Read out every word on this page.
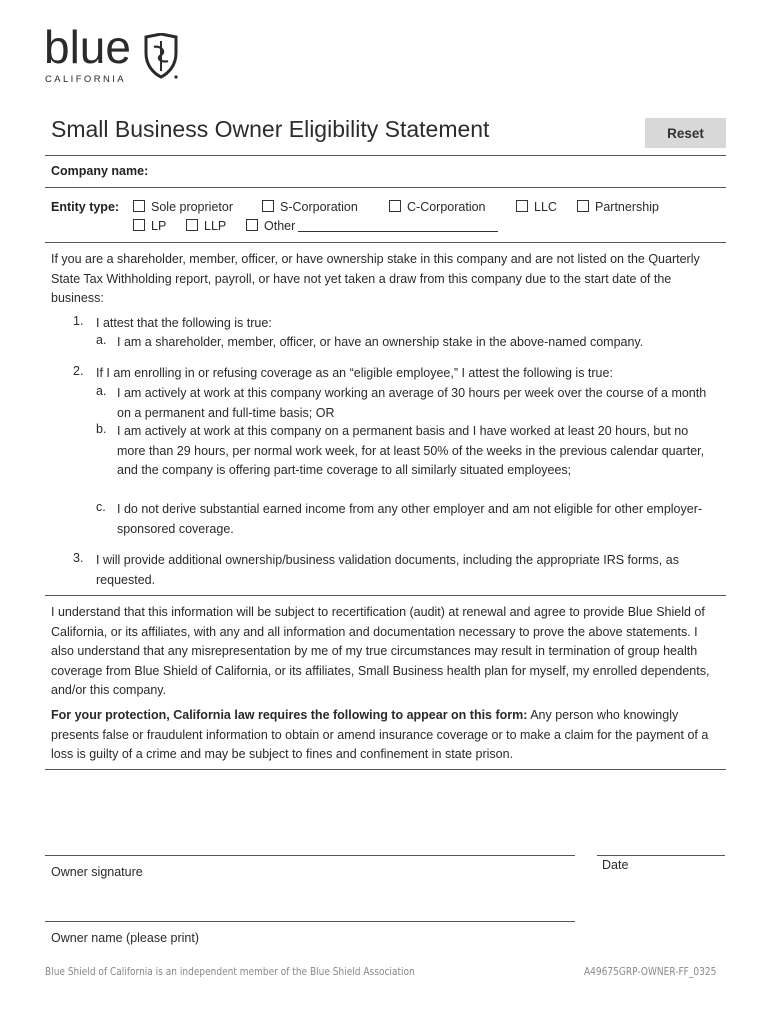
blue
CALIFORNIA
Small Business Owner Eligibility Statement	Reset
Company name:
Entity type:	Sole proprietor	S-Corporation	C-Corporation	LLC	Partnership
LP	LLP	Other
If you are a shareholder, member, officer, or have ownership stake in this company and are not listed on the Quarterly State Tax Withholding report, payroll, or have not yet taken a draw from this company due to the start date of the business:
1. I attest that the following is true:
a. I am a shareholder, member, officer, or have an ownership stake in the above-named company.
2. If I am enrolling in or refusing coverage as an “eligible employee,” I attest the following is true:
a. I am actively at work at this company working an average of 30 hours per week over the course of a month on a permanent and full-time basis; OR
b. I am actively at work at this company on a permanent basis and I have worked at least 20 hours, but no more than 29 hours, per normal work week, for at least 50% of the weeks in the previous calendar quarter, and the company is offering part-time coverage to all similarly situated employees;
c. I do not derive substantial earned income from any other employer and am not eligible for other employer-sponsored coverage.
3. I will provide additional ownership/business validation documents, including the appropriate IRS forms, as requested.
I understand that this information will be subject to recertification (audit) at renewal and agree to provide Blue Shield of California, or its affiliates, with any and all information and documentation necessary to prove the above statements. I also understand that any misrepresentation by me of my true circumstances may result in termination of group health coverage from Blue Shield of California, or its affiliates, Small Business health plan for myself, my enrolled dependents, and/or this company.
For your protection, California law requires the following to appear on this form: Any person who knowingly presents false or fraudulent information to obtain or amend insurance coverage or to make a claim for the payment of a loss is guilty of a crime and may be subject to fines and confinement in state prison.
Owner signature	Date
Owner name (please print)
Blue Shield of California is an independent member of the Blue Shield Association	A49675GRP-OWNER-FF_0325
